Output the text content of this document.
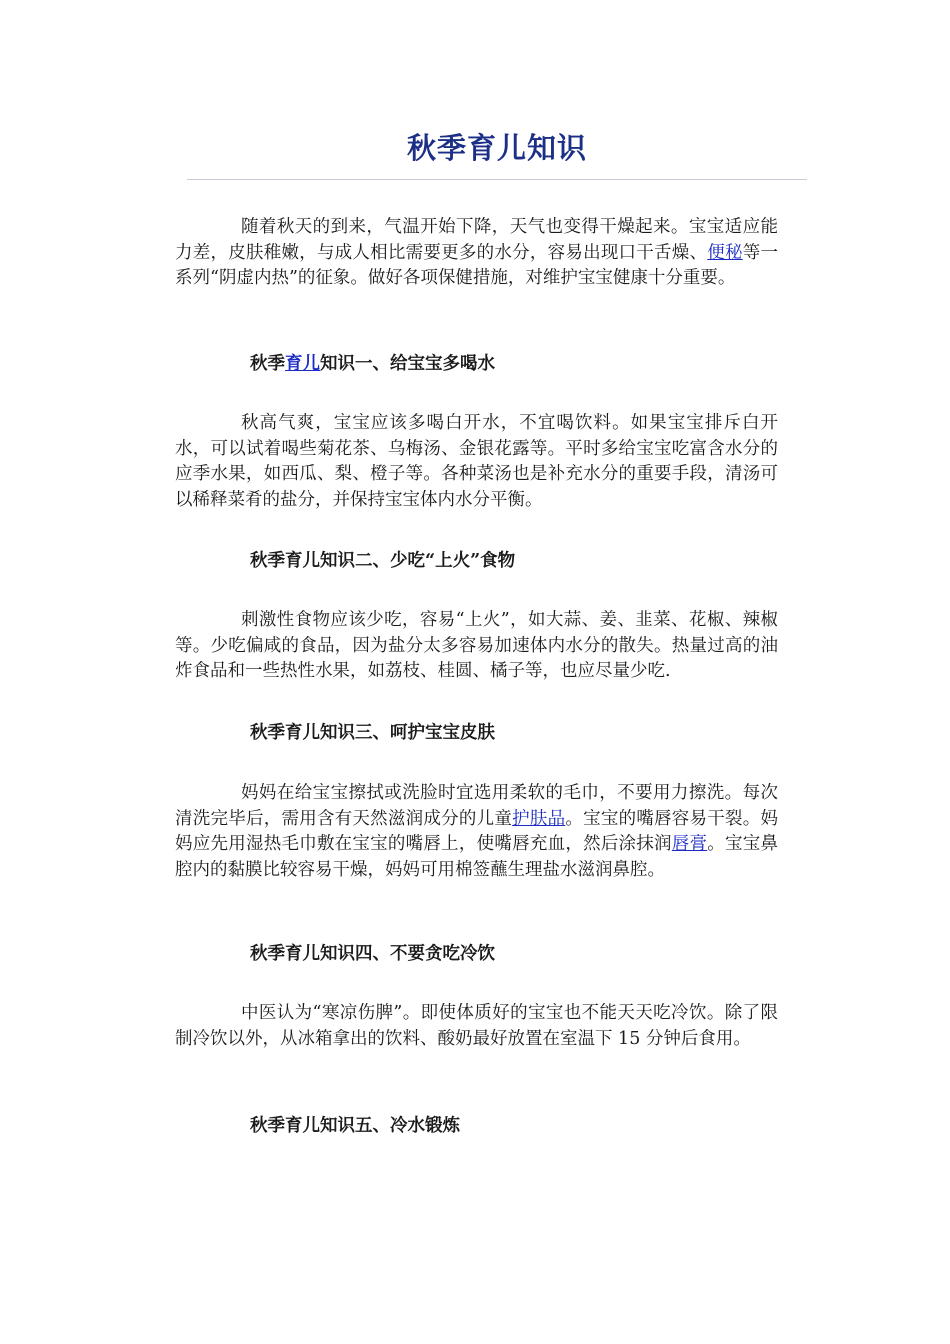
秋季育儿知识

随着秋天的到来，气温开始下降，天气也变得干燥起来。宝宝适应能力差，皮肤稚嫩，与成人相比需要更多的水分，容易出现口干舌燥、便秘等一系列“阴虚内热”的征象。做好各项保健措施，对维护宝宝健康十分重要。

秋季育儿知识一、给宝宝多喝水

秋高气爽，宝宝应该多喝白开水，不宜喝饮料。如果宝宝排斥白开水，可以试着喝些菊花茶、乌梅汤、金银花露等。平时多给宝宝吃富含水分的应季水果，如西瓜、梨、橙子等。各种菜汤也是补充水分的重要手段，清汤可以稀释菜肴的盐分，并保持宝宝体内水分平衡。

秋季育儿知识二、少吃“上火”食物

刺激性食物应该少吃，容易“上火”，如大蒜、姜、韭菜、花椒、辣椒等。少吃偏咸的食品，因为盐分太多容易加速体内水分的散失。热量过高的油炸食品和一些热性水果，如荔枝、桂圆、橘子等，也应尽量少吃.

秋季育儿知识三、呵护宝宝皮肤

妈妈在给宝宝擦拭或洗脸时宜选用柔软的毛巾，不要用力擦洗。每次清洗完毕后，需用含有天然滋润成分的儿童护肤品。宝宝的嘴唇容易干裂。妈妈应先用湿热毛巾敷在宝宝的嘴唇上，使嘴唇充血，然后涂抹润唇膏。宝宝鼻腔内的黏膜比较容易干燥，妈妈可用棉签蘸生理盐水滋润鼻腔。

秋季育儿知识四、不要贪吃冷饮

中医认为“寒凉伤脾”。即使体质好的宝宝也不能天天吃冷饮。除了限制冷饮以外，从冰箱拿出的饮料、酸奶最好放置在室温下 15 分钟后食用。

秋季育儿知识五、冷水锻炼
